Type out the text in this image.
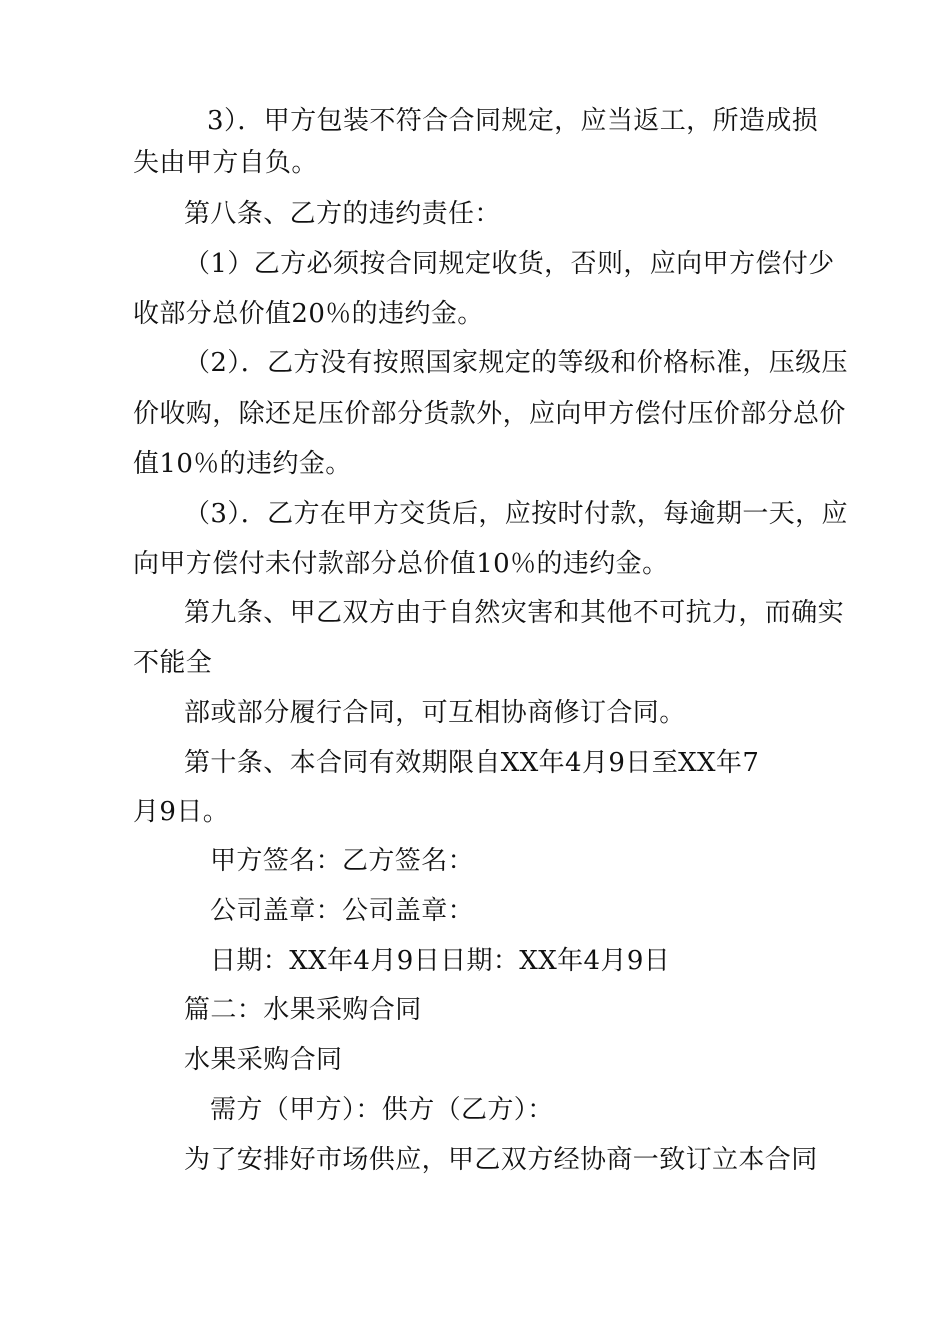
3）．甲方包装不符合合同规定，应当返工，所造成损
失由甲方自负。
第八条、乙方的违约责任：
（1）乙方必须按合同规定收货，否则，应向甲方偿付少
收部分总价值20％的违约金。
（2）．乙方没有按照国家规定的等级和价格标准，压级压
价收购，除还足压价部分货款外，应向甲方偿付压价部分总价
值10％的违约金。
（3）．乙方在甲方交货后，应按时付款，每逾期一天，应
向甲方偿付未付款部分总价值10％的违约金。
第九条、甲乙双方由于自然灾害和其他不可抗力，而确实
不能全
部或部分履行合同，可互相协商修订合同。
第十条、本合同有效期限自XX年4月9日至XX年7
月9日。
甲方签名：乙方签名：
公司盖章：公司盖章：
日期：XX年4月9日日期：XX年4月9日
篇二：水果采购合同
水果采购合同
需方（甲方）：供方（乙方）：
为了安排好市场供应，甲乙双方经协商一致订立本合同
